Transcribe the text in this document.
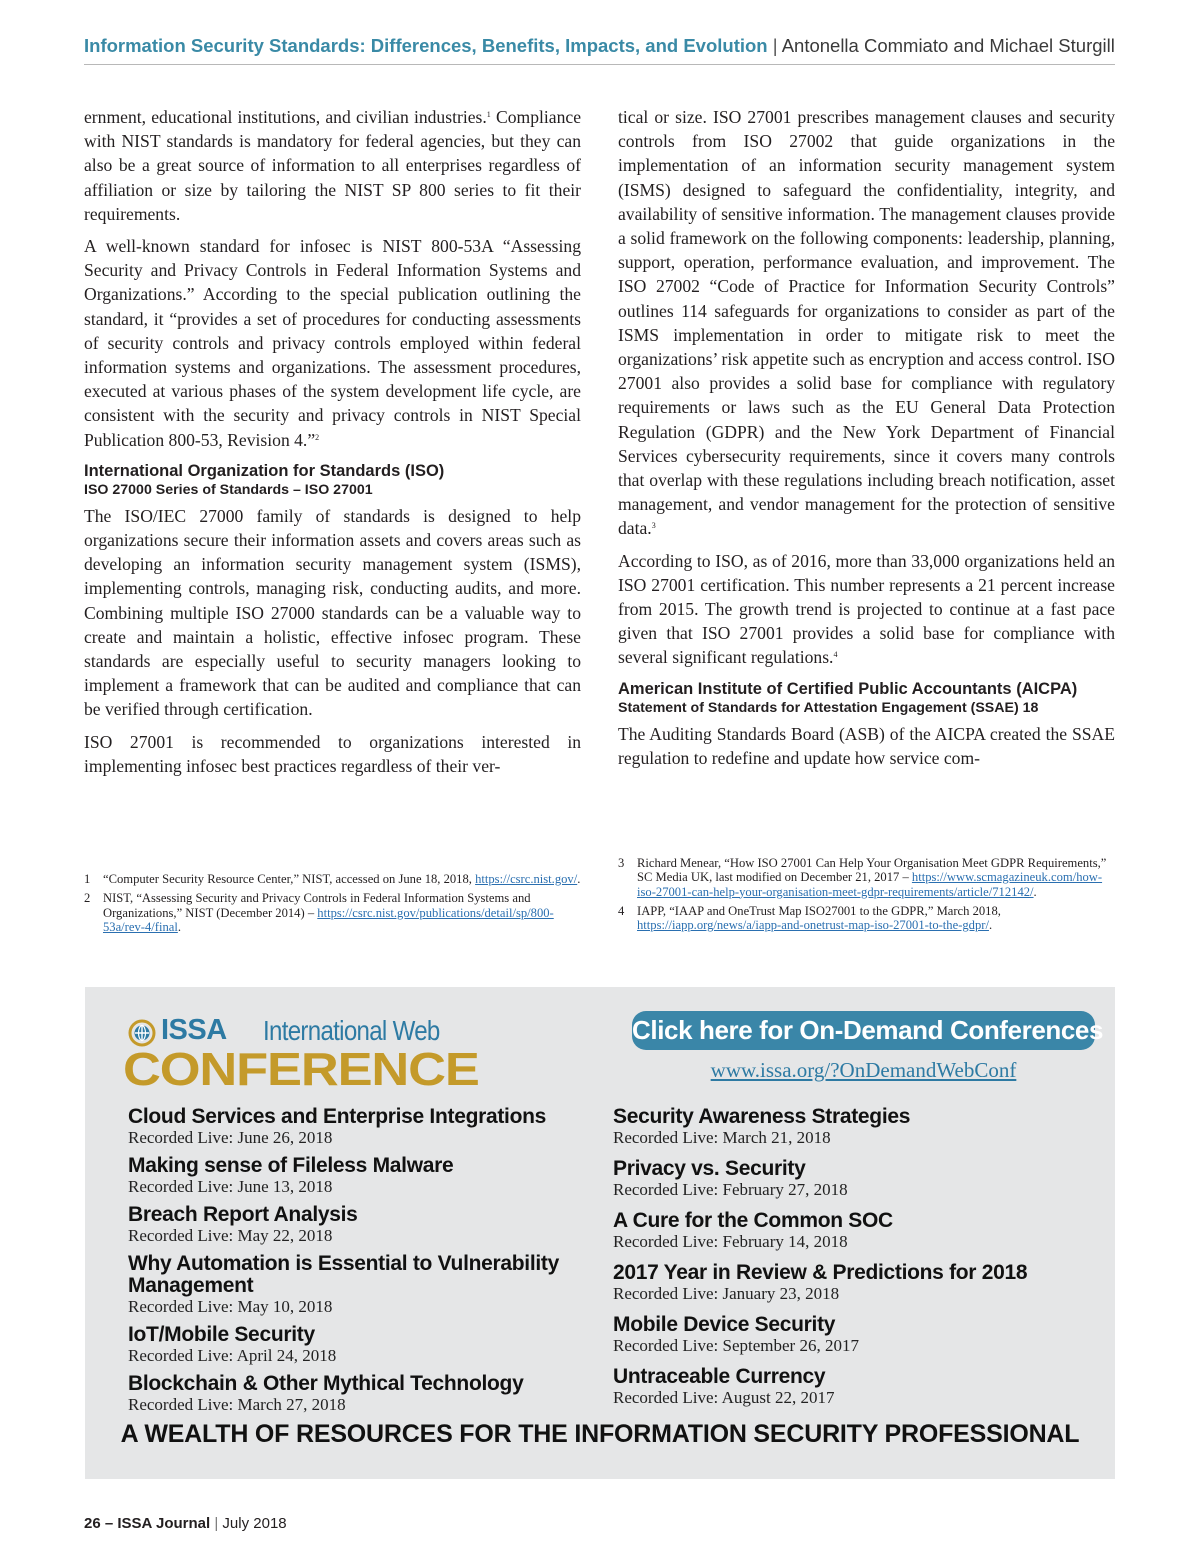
Information Security Standards: Differences, Benefits, Impacts, and Evolution | Antonella Commiato and Michael Sturgill

ernment, educational institutions, and civilian industries.$^1$ Compliance with NIST standards is mandatory for federal agencies, but they can also be a great source of information to all enterprises regardless of affiliation or size by tailoring the NIST SP 800 series to fit their requirements.

A well-known standard for infosec is NIST 800-53A “Assessing Security and Privacy Controls in Federal Information Systems and Organizations.” According to the special publication outlining the standard, it “provides a set of procedures for conducting assessments of security controls and privacy controls employed within federal information systems and organizations. The assessment procedures, executed at various phases of the system development life cycle, are consistent with the security and privacy controls in NIST Special Publication 800-53, Revision 4.”$^2$

International Organization for Standards (ISO)
ISO 27000 Series of Standards – ISO 27001

The ISO/IEC 27000 family of standards is designed to help organizations secure their information assets and covers areas such as developing an information security management system (ISMS), implementing controls, managing risk, conducting audits, and more. Combining multiple ISO 27000 standards can be a valuable way to create and maintain a holistic, effective infosec program. These standards are especially useful to security managers looking to implement a framework that can be audited and compliance that can be verified through certification.

ISO 27001 is recommended to organizations interested in implementing infosec best practices regardless of their ver-

tical or size. ISO 27001 prescribes management clauses and security controls from ISO 27002 that guide organizations in the implementation of an information security management system (ISMS) designed to safeguard the confidentiality, integrity, and availability of sensitive information. The management clauses provide a solid framework on the following components: leadership, planning, support, operation, performance evaluation, and improvement. The ISO 27002 “Code of Practice for Information Security Controls” outlines 114 safeguards for organizations to consider as part of the ISMS implementation in order to mitigate risk to meet the organizations’ risk appetite such as encryption and access control. ISO 27001 also provides a solid base for compliance with regulatory requirements or laws such as the EU General Data Protection Regulation (GDPR) and the New York Department of Financial Services cybersecurity requirements, since it covers many controls that overlap with these regulations including breach notification, asset management, and vendor management for the protection of sensitive data.$^3$

According to ISO, as of 2016, more than 33,000 organizations held an ISO 27001 certification. This number represents a 21 percent increase from 2015. The growth trend is projected to continue at a fast pace given that ISO 27001 provides a solid base for compliance with several significant regulations.$^4$

American Institute of Certified Public Accountants (AICPA)
Statement of Standards for Attestation Engagement (SSAE) 18

The Auditing Standards Board (ASB) of the AICPA created the SSAE regulation to redefine and update how service com-

1	“Computer Security Resource Center,” NIST, accessed on June 18, 2018, https://csrc.nist.gov/.
2	NIST, “Assessing Security and Privacy Controls in Federal Information Systems and Organizations,” NIST (December 2014) – https://csrc.nist.gov/publications/detail/sp/800-53a/rev-4/final.
3	Richard Menear, “How ISO 27001 Can Help Your Organisation Meet GDPR Requirements,” SC Media UK, last modified on December 21, 2017 – https://www.scmagazineuk.com/how-iso-27001-can-help-your-organisation-meet-gdpr-requirements/article/712142/.
4	IAPP, “IAAP and OneTrust Map ISO27001 to the GDPR,” March 2018, https://iapp.org/news/a/iapp-and-onetrust-map-iso-27001-to-the-gdpr/.
ISSA International Web
CONFERENCE
Click here for On-Demand Conferences
www.issa.org/?OnDemandWebConf
Cloud Services and Enterprise Integrations
Recorded Live: June 26, 2018
Making sense of Fileless Malware
Recorded Live: June 13, 2018
Breach Report Analysis
Recorded Live: May 22, 2018
Why Automation is Essential to Vulnerability Management
Recorded Live: May 10, 2018
IoT/Mobile Security
Recorded Live: April 24, 2018
Blockchain & Other Mythical Technology
Recorded Live: March 27, 2018
Security Awareness Strategies
Recorded Live: March 21, 2018
Privacy vs. Security
Recorded Live: February 27, 2018
A Cure for the Common SOC
Recorded Live: February 14, 2018
2017 Year in Review & Predictions for 2018
Recorded Live: January 23, 2018
Mobile Device Security
Recorded Live: September 26, 2017
Untraceable Currency
Recorded Live: August 22, 2017
A WEALTH OF RESOURCES FOR THE INFORMATION SECURITY PROFESSIONAL
26 – ISSA Journal | July 2018
